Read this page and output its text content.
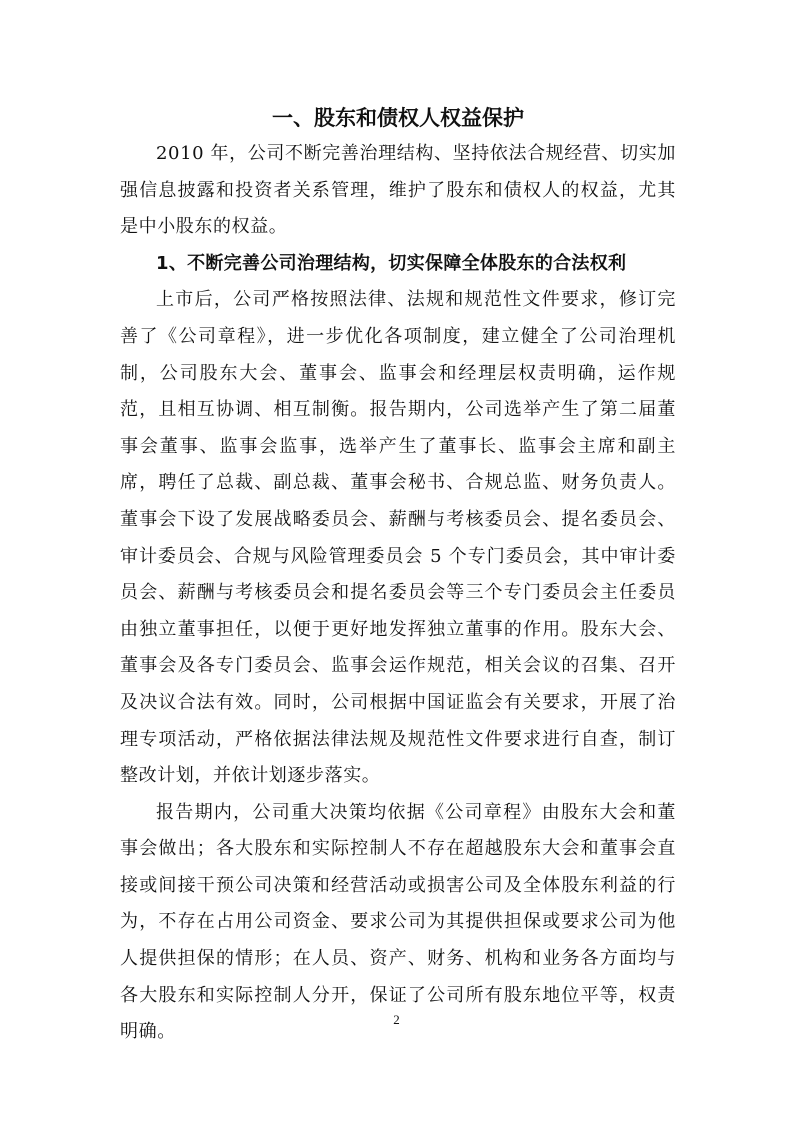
一、股东和债权人权益保护

2010 年，公司不断完善治理结构、坚持依法合规经营、切实加强信息披露和投资者关系管理，维护了股东和债权人的权益，尤其是中小股东的权益。

1、不断完善公司治理结构，切实保障全体股东的合法权利

上市后，公司严格按照法律、法规和规范性文件要求，修订完善了《公司章程》，进一步优化各项制度，建立健全了公司治理机制，公司股东大会、董事会、监事会和经理层权责明确，运作规范，且相互协调、相互制衡。报告期内，公司选举产生了第二届董事会董事、监事会监事，选举产生了董事长、监事会主席和副主席，聘任了总裁、副总裁、董事会秘书、合规总监、财务负责人。董事会下设了发展战略委员会、薪酬与考核委员会、提名委员会、审计委员会、合规与风险管理委员会 5 个专门委员会，其中审计委员会、薪酬与考核委员会和提名委员会等三个专门委员会主任委员由独立董事担任，以便于更好地发挥独立董事的作用。股东大会、董事会及各专门委员会、监事会运作规范，相关会议的召集、召开及决议合法有效。同时，公司根据中国证监会有关要求，开展了治理专项活动，严格依据法律法规及规范性文件要求进行自查，制订整改计划，并依计划逐步落实。

报告期内，公司重大决策均依据《公司章程》由股东大会和董事会做出；各大股东和实际控制人不存在超越股东大会和董事会直接或间接干预公司决策和经营活动或损害公司及全体股东利益的行为，不存在占用公司资金、要求公司为其提供担保或要求公司为他人提供担保的情形；在人员、资产、财务、机构和业务各方面均与各大股东和实际控制人分开，保证了公司所有股东地位平等，权责明确。

2
